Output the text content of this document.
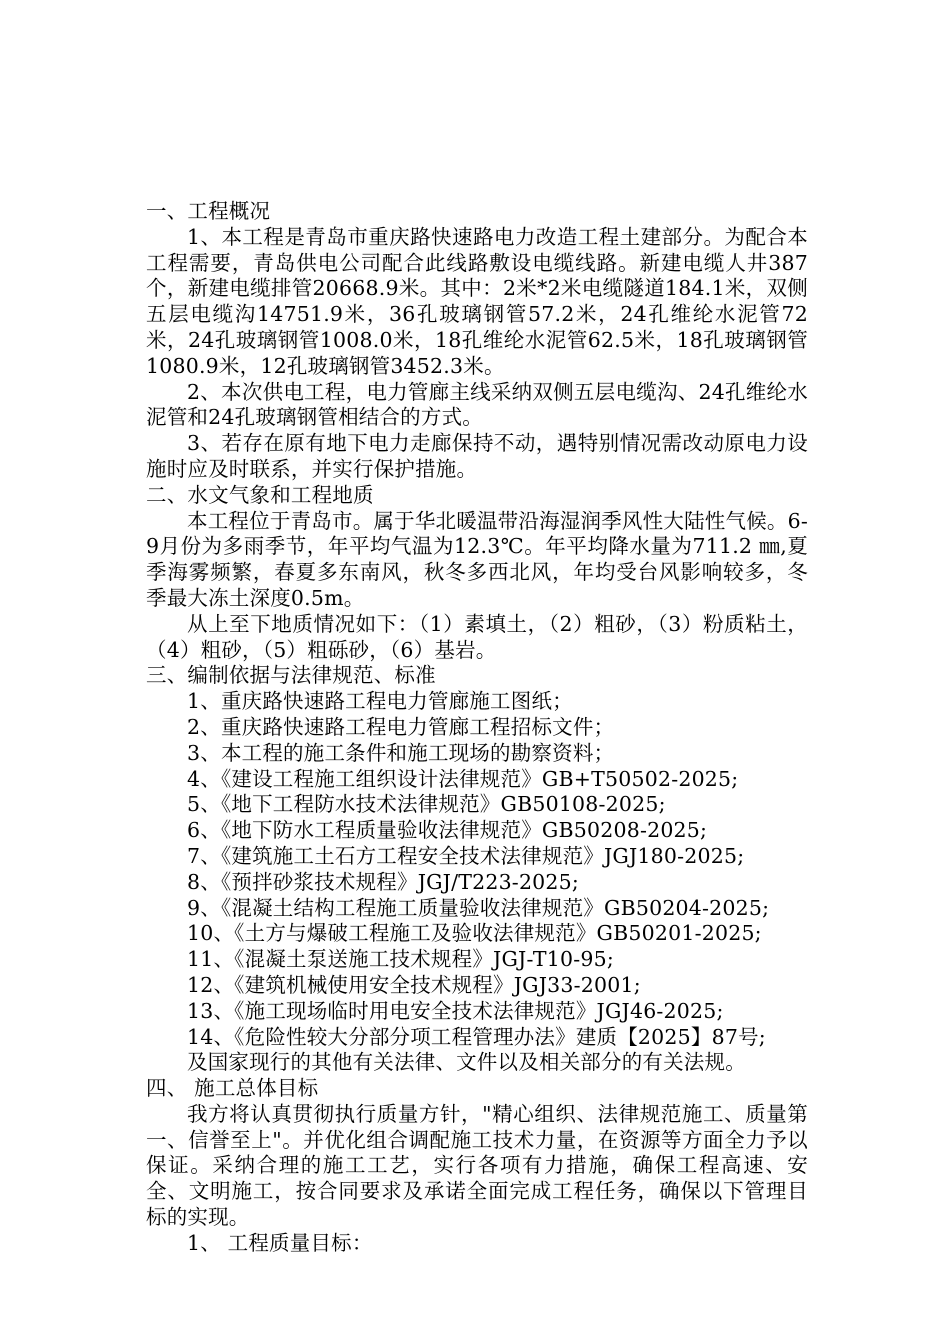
一、工程概况

1、本工程是青岛市重庆路快速路电力改造工程土建部分。为配合本工程需要，青岛供电公司配合此线路敷设电缆线路。新建电缆人井387个，新建电缆排管20668.9米。其中：2米*2米电缆隧道184.1米，双侧五层电缆沟14751.9米，36孔玻璃钢管57.2米，24孔维纶水泥管72米，24孔玻璃钢管1008.0米，18孔维纶水泥管62.5米，18孔玻璃钢管1080.9米，12孔玻璃钢管3452.3米。

2、本次供电工程，电力管廊主线采纳双侧五层电缆沟、24孔维纶水泥管和24孔玻璃钢管相结合的方式。

3、若存在原有地下电力走廊保持不动，遇特别情况需改动原电力设施时应及时联系，并实行保护措施。

二、水文气象和工程地质

本工程位于青岛市。属于华北暖温带沿海湿润季风性大陆性气候。6-9月份为多雨季节，年平均气温为12.3℃。年平均降水量为711.2 ㎜,夏季海雾频繁，春夏多东南风，秋冬多西北风，年均受台风影响较多，冬季最大冻土深度0.5m。

从上至下地质情况如下：（1）素填土，（2）粗砂，（3）粉质粘土，（4）粗砂，（5）粗砾砂，（6）基岩。

三、编制依据与法律规范、标准

1、重庆路快速路工程电力管廊施工图纸；

2、重庆路快速路工程电力管廊工程招标文件；

3、本工程的施工条件和施工现场的勘察资料；

4、《建设工程施工组织设计法律规范》GB+T50502-2025;

5、《地下工程防水技术法律规范》GB50108-2025;

6、《地下防水工程质量验收法律规范》GB50208-2025;

7、《建筑施工土石方工程安全技术法律规范》JGJ180-2025;

8、《预拌砂浆技术规程》JGJ/T223-2025;

9、《混凝土结构工程施工质量验收法律规范》GB50204-2025;

10、《土方与爆破工程施工及验收法律规范》GB50201-2025;

11、《混凝土泵送施工技术规程》JGJ-T10-95;

12、《建筑机械使用安全技术规程》JGJ33-2001;

13、《施工现场临时用电安全技术法律规范》JGJ46-2025;

14、《危险性较大分部分项工程管理办法》建质【2025】87号;

及国家现行的其他有关法律、文件以及相关部分的有关法规。

四、 施工总体目标

我方将认真贯彻执行质量方针，"精心组织、法律规范施工、质量第一、信誉至上"。并优化组合调配施工技术力量，在资源等方面全力予以保证。采纳合理的施工工艺，实行各项有力措施，确保工程高速、安全、文明施工，按合同要求及承诺全面完成工程任务，确保以下管理目标的实现。

1、 工程质量目标：
